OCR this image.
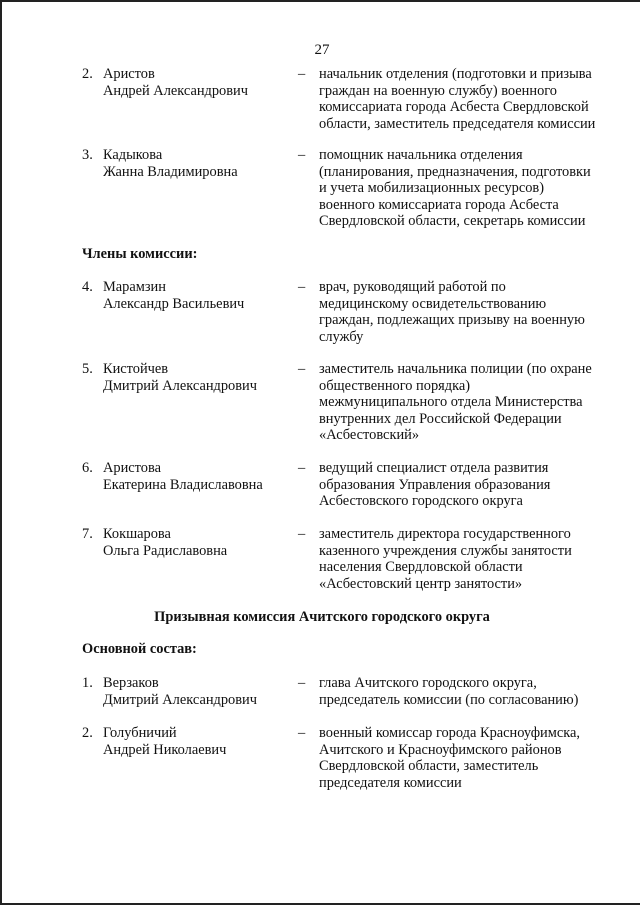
27
2. Аристов
Андрей Александрович
– начальник отделения (подготовки и призыва
граждан на военную службу) военного
комиссариата города Асбеста Свердловской
области, заместитель председателя комиссии
3. Кадыкова
Жанна Владимировна
– помощник начальника отделения
(планирования, предназначения, подготовки
и учета мобилизационных ресурсов)
военного комиссариата города Асбеста
Свердловской области, секретарь комиссии
Члены комиссии:
4. Марамзин
Александр Васильевич
– врач, руководящий работой по
медицинскому освидетельствованию
граждан, подлежащих призыву на военную
службу
5. Кистойчев
Дмитрий Александрович
– заместитель начальника полиции (по охране
общественного порядка)
межмуниципального отдела Министерства
внутренних дел Российской Федерации
«Асбестовский»
6. Аристова
Екатерина Владиславовна
– ведущий специалист отдела развития
образования Управления образования
Асбестовского городского округа
7. Кокшарова
Ольга Радиславовна
– заместитель директора государственного
казенного учреждения службы занятости
населения Свердловской области
«Асбестовский центр занятости»
Призывная комиссия Ачитского городского округа
Основной состав:
1. Верзаков
Дмитрий Александрович
– глава Ачитского городского округа,
председатель комиссии (по согласованию)
2. Голубничий
Андрей Николаевич
– военный комиссар города Красноуфимска,
Ачитского и Красноуфимского районов
Свердловской области, заместитель
председателя комиссии
